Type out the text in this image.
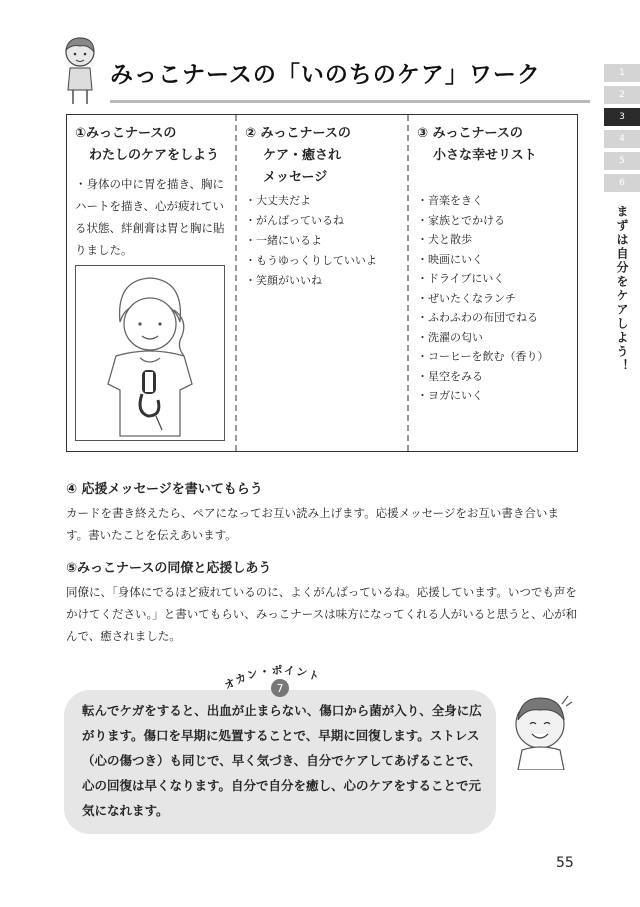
みっこナースの「いのちのケア」ワーク	1
2
3
4
5
6
まずは自分をケアしよう！
①みっこナースの
わたしのケアをしよう
・身体の中に胃を描き、胸にハートを描き、心が疲れている状態、絆創膏は胃と胸に貼りました。
② みっこナースの
ケア・癒され
メッセージ
・ 大丈夫だよ
・ がんばっているね
・ 一緒にいるよ
・ もうゆっくりしていいよ
・ 笑顔がいいね
③ みっこナースの
小さな幸せリスト
・ 音楽をきく
・ 家族とでかける
・ 犬と散歩
・ 映画にいく
・ ドライブにいく
・ ぜいたくなランチ
・ ふわふわの布団でねる
・ 洗濯の匂い
・ コーヒーを飲む（香り）
・ 星空をみる
・ ヨガにいく
④ 応援メッセージを書いてもらう
カードを書き終えたら、ペアになってお互い読み上げます。応援メッセージをお互い書き合います。書いたことを伝えあいます。
⑤みっこナースの同僚と応援しあう
同僚に、「身体にでるほど疲れているのに、よくがんばっているね。応援しています。いつでも声をかけてください。」と書いてもらい、みっこナースは味方になってくれる人がいると思うと、心が和んで、癒されました。
オカン・ポイント
7
転んでケガをすると、出血が止まらない、傷口から菌が入り、全身に広がります。傷口を早期に処置することで、早期に回復します。ストレス（心の傷つき）も同じで、早く気づき、自分でケアしてあげることで、心の回復は早くなります。自分で自分を癒し、心のケアをすることで元気になれます。
55
